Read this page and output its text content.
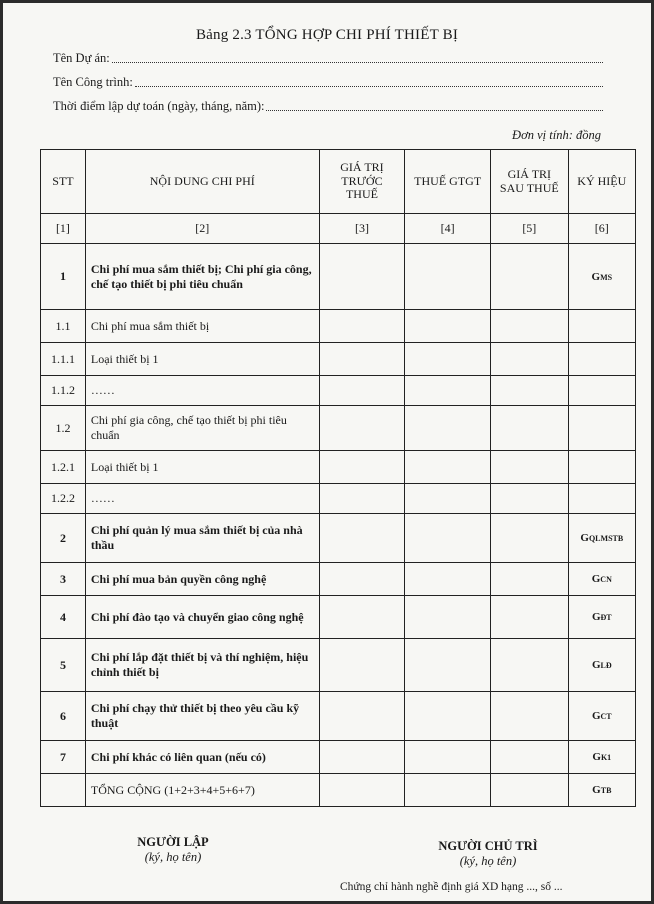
Bảng 2.3 TỔNG HỢP CHI PHÍ THIẾT BỊ
Tên Dự án:
Tên Công trình:
Thời điểm lập dự toán (ngày, tháng, năm):
Đơn vị tính: đồng
STT	NỘI DUNG CHI PHÍ	GIÁ TRỊ TRƯỚC THUẾ	THUẾ GTGT	GIÁ TRỊ SAU THUẾ	KÝ HIỆU
[1]	[2]	[3]	[4]	[5]	[6]
1	Chi phí mua sắm thiết bị; Chi phí gia công, chế tạo thiết bị phi tiêu chuẩn				GMS
1.1	Chi phí mua sắm thiết bị				
1.1.1	Loại thiết bị 1				
1.1.2	……				
1.2	Chi phí gia công, chế tạo thiết bị phi tiêu chuẩn				
1.2.1	Loại thiết bị 1				
1.2.2	……				
2	Chi phí quản lý mua sắm thiết bị của nhà thầu				GQLMSTB
3	Chi phí mua bản quyền công nghệ				GCN
4	Chi phí đào tạo và chuyển giao công nghệ				GĐT
5	Chi phí lắp đặt thiết bị và thí nghiệm, hiệu chỉnh thiết bị				GLĐ
6	Chi phí chạy thử thiết bị theo yêu cầu kỹ thuật				GCT
7	Chi phí khác có liên quan (nếu có)				GK1
	TỔNG CỘNG (1+2+3+4+5+6+7)				GTB
NGƯỜI LẬP
(ký, họ tên)
NGƯỜI CHỦ TRÌ
(ký, họ tên)
Chứng chỉ hành nghề định giá XD hạng ..., số ...
